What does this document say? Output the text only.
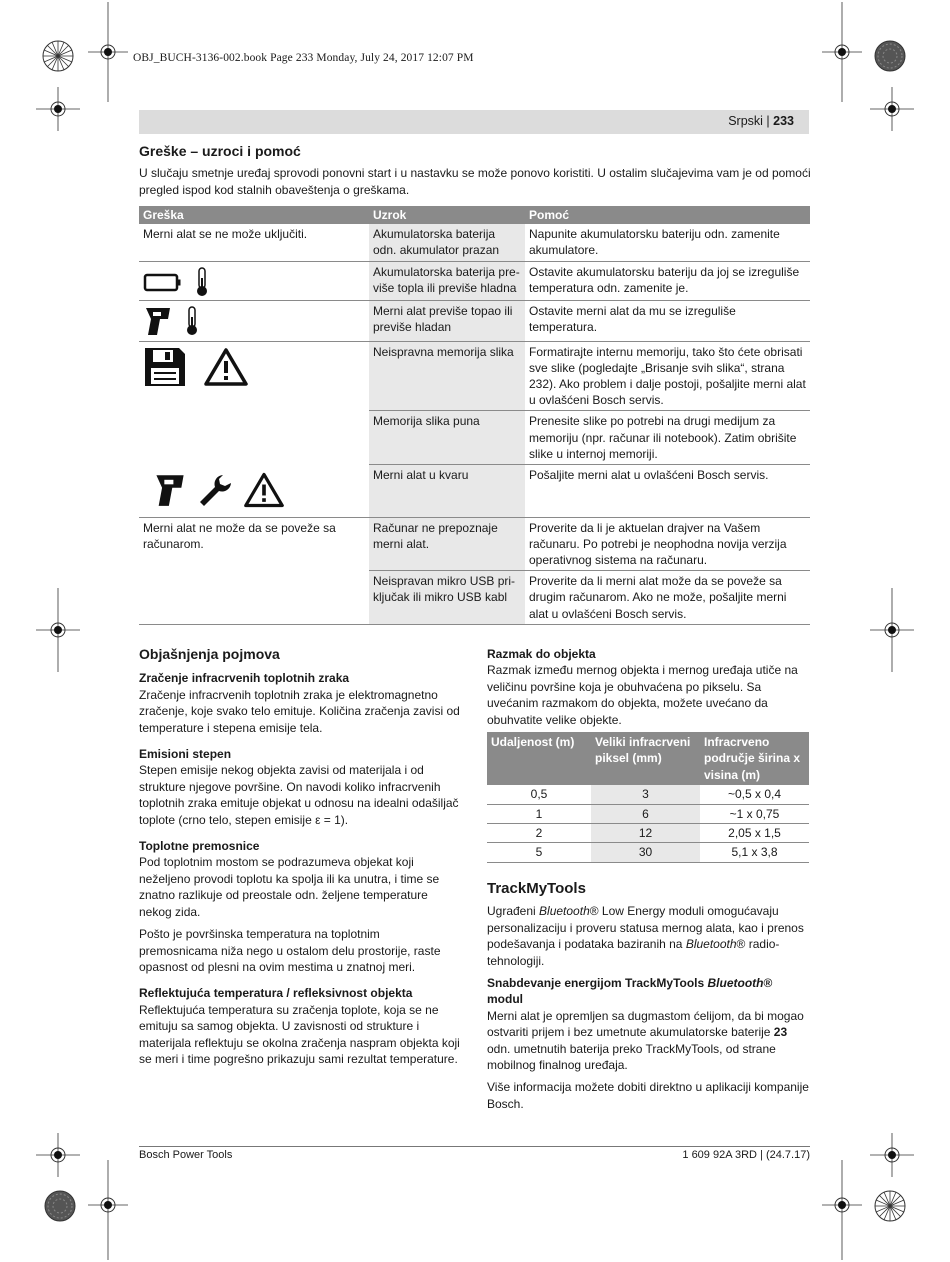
OBJ_BUCH-3136-002.book Page 233 Monday, July 24, 2017 12:07 PM
Srpski | 233
Greške – uzroci i pomoć
U slučaju smetnje uređaj sprovodi ponovni start i u nastavku se može ponovo koristiti. U ostalim slučajevima vam je od pomoći pregled ispod kod stalnih obaveštenja o greškama.
Greška	Uzrok	Pomoć
Merni alat se ne može uključiti.	Akumulatorska baterija odn. akumulator prazan	Napunite akumulatorsku bateriju odn. zamenite akumulatore.

	Akumulatorska baterija previše topla ili previše hladna	Ostavite akumulatorsku bateriju da joj se izreguliše temperatura odn. zamenite je.

	Merni alat previše topao ili previše hladan	Ostavite merni alat da mu se izreguliše temperatura.

	Neispravna memorija slika	Formatirajte internu memoriju, tako što ćete obrisati sve slike (pogledajte „Brisanje svih slika“, strana 232). Ako problem i dalje postoji, pošaljite merni alat u ovlašćeni Bosch servis.
	Memorija slika puna	Prenesite slike po potrebi na drugi medijum za memoriju (npr. računar ili notebook). Zatim obrišite slike u internoj memoriji.

	Merni alat u kvaru	Pošaljite merni alat u ovlašćeni Bosch servis.
Merni alat ne može da se poveže sa računarom.	Računar ne prepoznaje merni alat.	Proverite da li je aktuelan drajver na Vašem računaru. Po potrebi je neophodna novija verzija operativnog sistema na računaru.
	Neispravan mikro USB priključak ili mikro USB kabl	Proverite da li merni alat može da se poveže sa drugim računarom. Ako ne može, pošaljite merni alat u ovlašćeni Bosch servis.
Objašnjenja pojmova
Zračenje infracrvenih toplotnih zraka

Zračenje infracrvenih toplotnih zraka je elektromagnetno zračenje, koje svako telo emituje. Količina zračenja zavisi od temperature i stepena emisije tela.

Emisioni stepen

Stepen emisije nekog objekta zavisi od materijala i od strukture njegove površine. On navodi koliko infracrvenih toplotnih zraka emituje objekat u odnosu na idealni odašiljač toplote (crno telo, stepen emisije ε = 1).

Toplotne premosnice

Pod toplotnim mostom se podrazumeva objekat koji neželjeno provodi toplotu ka spolja ili ka unutra, i time se znatno razlikuje od preostale odn. željene temperature nekog zida.

Pošto je površinska temperatura na toplotnim premosnicama niža nego u ostalom delu prostorije, raste opasnost od plesni na ovim mestima u znatnoj meri.

Reflektujuća temperatura / refleksivnost objekta

Reflektujuća temperatura su zračenja toplote, koja se ne emituju sa samog objekta. U zavisnosti od strukture i materijala reflektuju se okolna zračenja naspram objekta koji se meri i time pogrešno prikazuju sami rezultat temperature.

Razmak do objekta

Razmak između mernog objekta i mernog uređaja utiče na veličinu površine koja je obuhvaćena po pikselu. Sa uvećanim razmakom do objekta, možete uvećano da obuhvatite velike objekte.

Udaljenost (m)	Veliki infracrveni piksel (mm)	Infracrveno područje širina x visina (m)
0,5	3	~0,5 x 0,4
1	6	~1 x 0,75
2	12	2,05 x 1,5
5	30	5,1 x 3,8
TrackMyTools

Ugrađeni Bluetooth® Low Energy moduli omogućavaju personalizaciju i proveru statusa mernog alata, kao i prenos podešavanja i podataka baziranih na Bluetooth® radio-tehnologiji.

Snabdevanje energijom TrackMyTools Bluetooth® modul

Merni alat je opremljen sa dugmastom ćelijom, da bi mogao ostvariti prijem i bez umetnute akumulatorske baterije 23 odn. umetnutih baterija preko TrackMyTools, od strane mobilnog finalnog uređaja.

Više informacija možete dobiti direktno u aplikaciji kompanije Bosch.

Bosch Power Tools	1 609 92A 3RD | (24.7.17)
